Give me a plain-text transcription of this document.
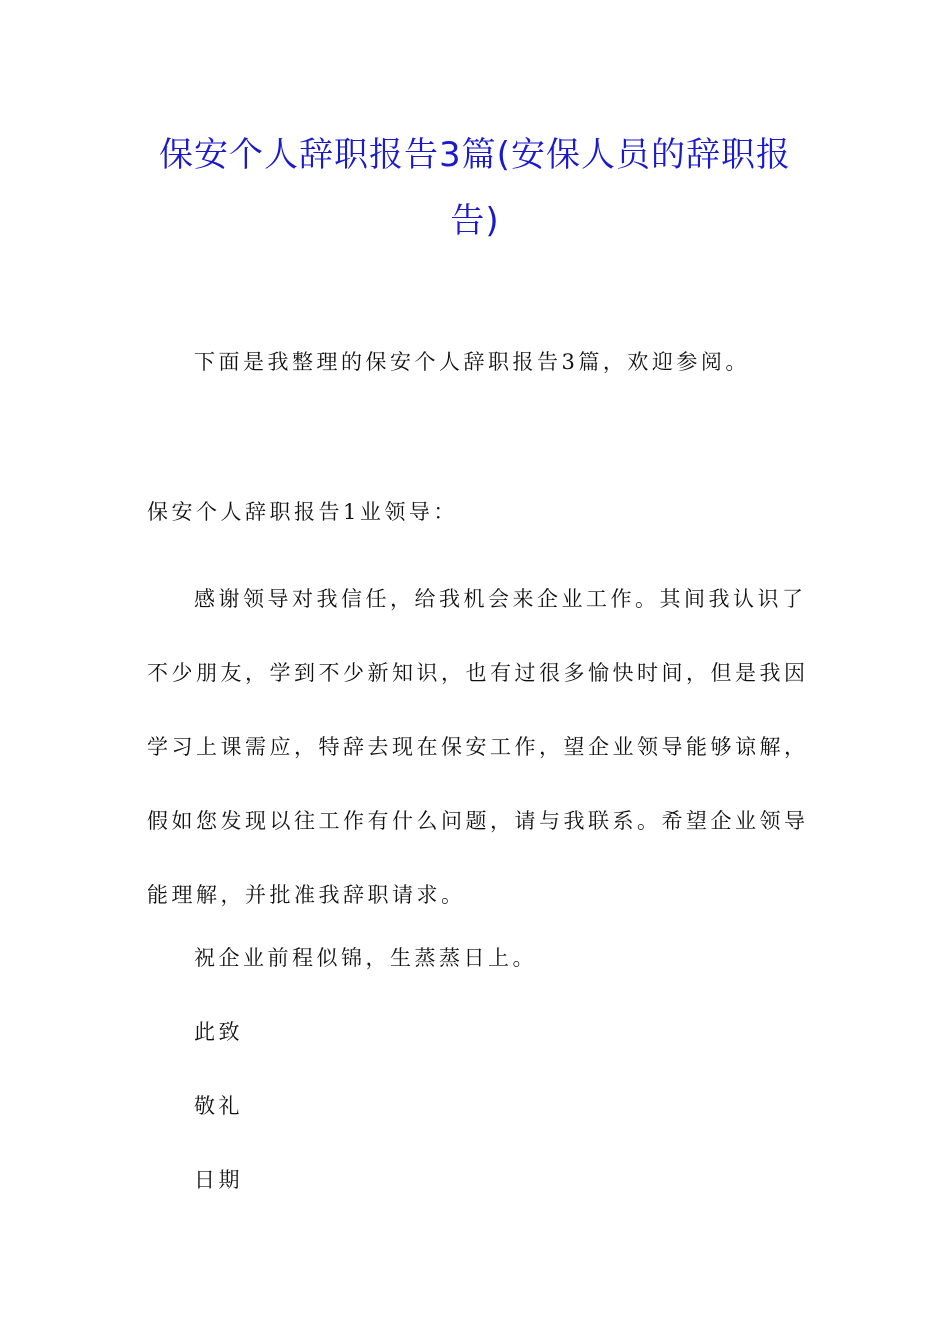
保安个人辞职报告3篇(安保人员的辞职报
告)

下面是我整理的保安个人辞职报告3篇，欢迎参阅。

保安个人辞职报告1业领导：

感谢领导对我信任，给我机会来企业工作。其间我认识了
不少朋友，学到不少新知识，也有过很多愉快时间，但是我因
学习上课需应，特辞去现在保安工作，望企业领导能够谅解，
假如您发现以往工作有什么问题，请与我联系。希望企业领导
能理解，并批准我辞职请求。

祝企业前程似锦，生蒸蒸日上。

此致

敬礼

日期
